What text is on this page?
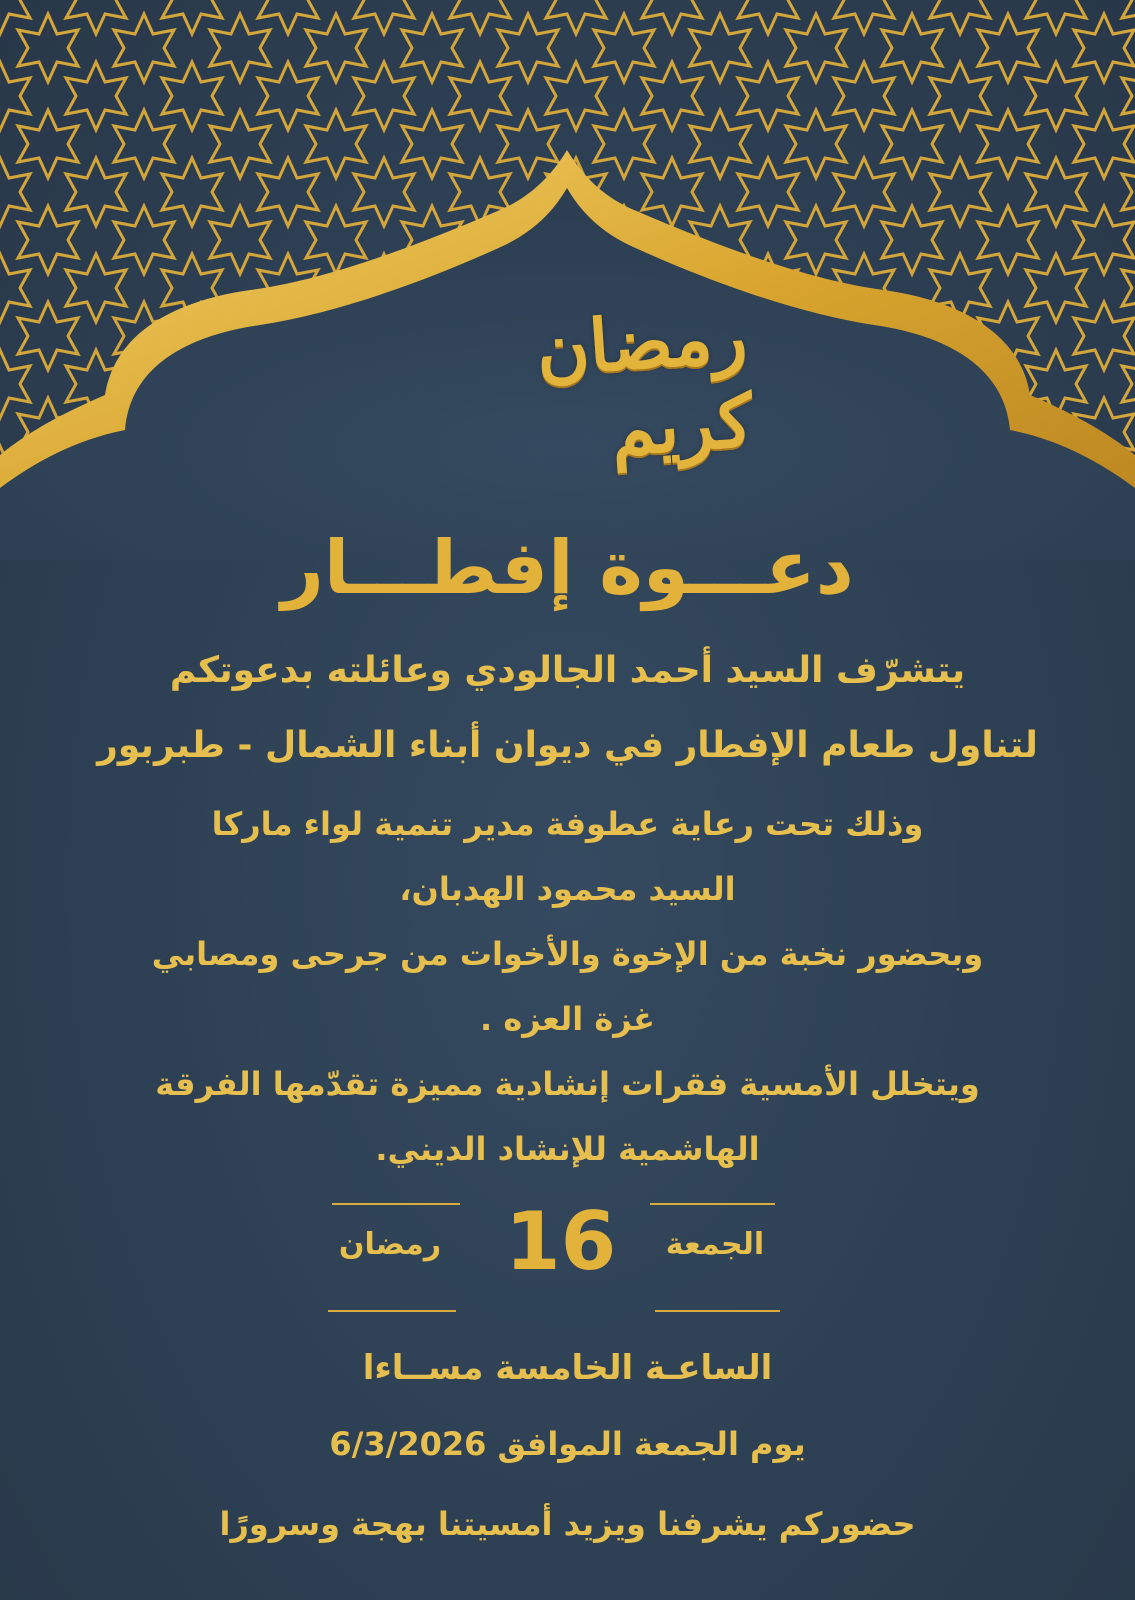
رمضان كريم
دعـــوة إفطـــار
يتشرّف السيد أحمد الجالودي وعائلته بدعوتكم
لتناول طعام الإفطار في ديوان أبناء الشمال - طبربور
وذلك تحت رعاية عطوفة مدير تنمية لواء ماركا
السيد محمود الهدبان،
وبحضور نخبة من الإخوة والأخوات من جرحى ومصابي
غزة العزه .
ويتخلل الأمسية فقرات إنشادية مميزة تقدّمها الفرقة
الهاشمية للإنشاد الديني.
الجمعة
16
رمضان
الساعـة الخامسة مســاءا
يوم الجمعة الموافق 6/3/2026
حضوركم يشرفنا ويزيد أمسيتنا بهجة وسرورًا
